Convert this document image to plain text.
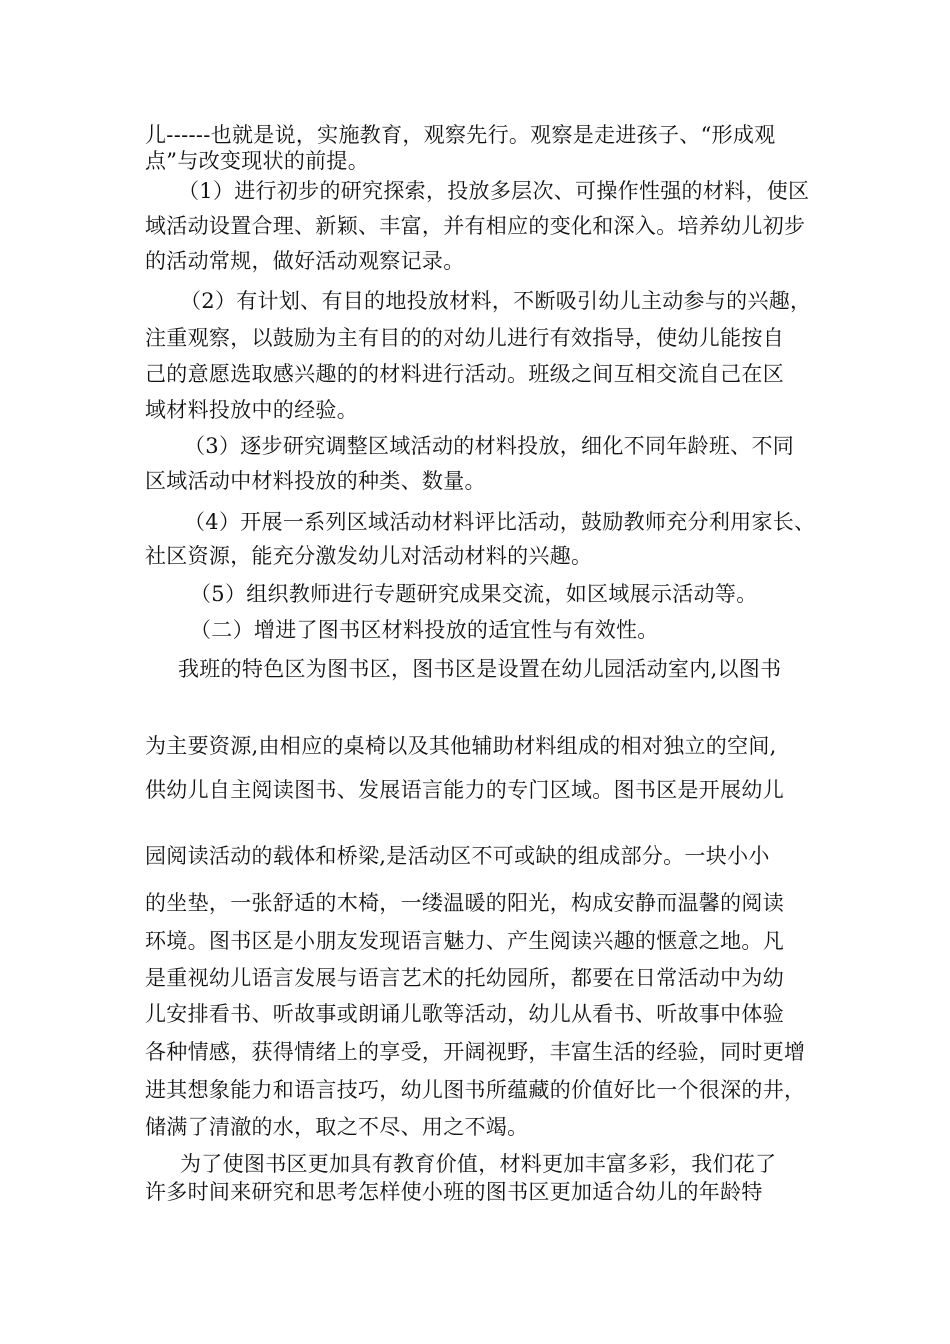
儿------也就是说，实施教育，观察先行。观察是走进孩子、“形成观
点”与改变现状的前提。
（1）进行初步的研究探索，投放多层次、可操作性强的材料，使区
域活动设置合理、新颖、丰富，并有相应的变化和深入。培养幼儿初步
的活动常规，做好活动观察记录。
（2）有计划、有目的地投放材料，不断吸引幼儿主动参与的兴趣，
注重观察，以鼓励为主有目的的对幼儿进行有效指导，使幼儿能按自
己的意愿选取感兴趣的的材料进行活动。班级之间互相交流自己在区
域材料投放中的经验。
（3）逐步研究调整区域活动的材料投放，细化不同年龄班、不同
区域活动中材料投放的种类、数量。
（4）开展一系列区域活动材料评比活动，鼓励教师充分利用家长、
社区资源，能充分激发幼儿对活动材料的兴趣。
（5）组织教师进行专题研究成果交流，如区域展示活动等。
（二）增进了图书区材料投放的适宜性与有效性。
我班的特色区为图书区，图书区是设置在幼儿园活动室内,以图书
为主要资源,由相应的桌椅以及其他辅助材料组成的相对独立的空间,
供幼儿自主阅读图书、发展语言能力的专门区域。图书区是开展幼儿
园阅读活动的载体和桥梁,是活动区不可或缺的组成部分。一块小小
的坐垫，一张舒适的木椅，一缕温暖的阳光，构成安静而温馨的阅读
环境。图书区是小朋友发现语言魅力、产生阅读兴趣的惬意之地。凡
是重视幼儿语言发展与语言艺术的托幼园所，都要在日常活动中为幼
儿安排看书、听故事或朗诵儿歌等活动，幼儿从看书、听故事中体验
各种情感，获得情绪上的享受，开阔视野，丰富生活的经验，同时更增
进其想象能力和语言技巧，幼儿图书所蕴藏的价值好比一个很深的井，
储满了清澈的水，取之不尽、用之不竭。
为了使图书区更加具有教育价值，材料更加丰富多彩，我们花了
许多时间来研究和思考怎样使小班的图书区更加适合幼儿的年龄特
